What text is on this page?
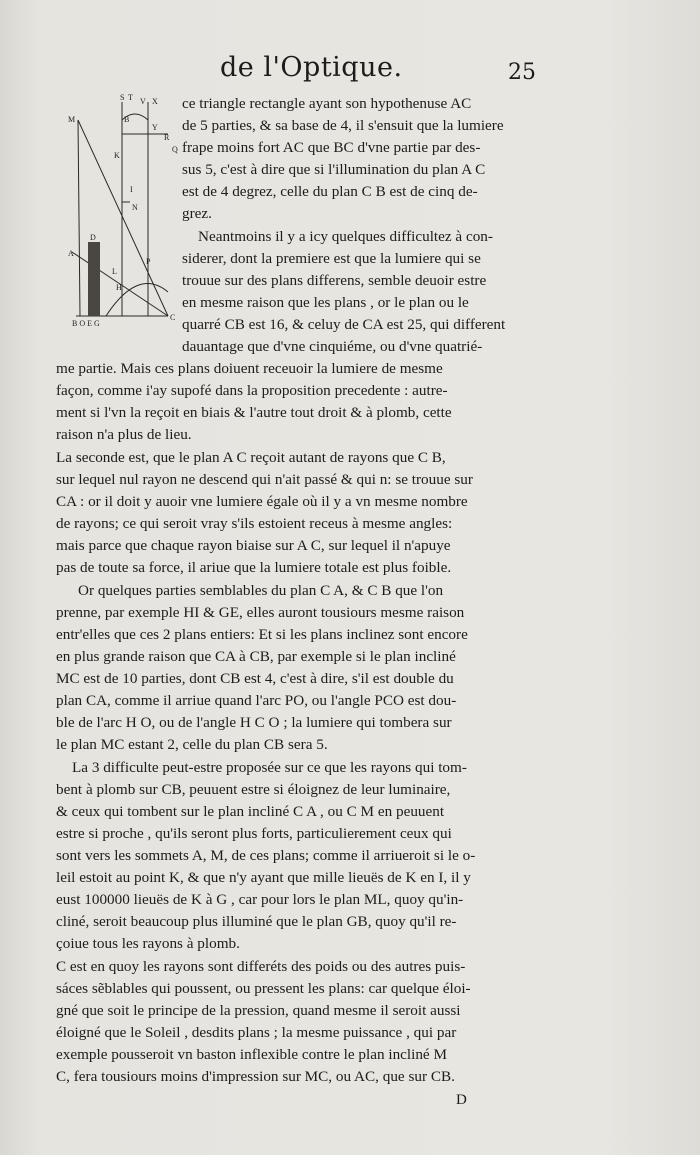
de l'Optique.	25
S T V X
M	B
Y
R
Q
K
I
N
A
D
P
L
H
B O E G
C
ce triangle rectangle ayant son hypothenuse AC
de 5 parties, & sa base de 4, il s'ensuit que la lumiere
frape moins fort AC que BC d'vne partie par des-
sus 5, c'est à dire que si l'illumination du plan A C
est de 4 degrez, celle du plan C B est de cinq de-
grez.
Neantmoins il y a icy quelques difficultez à con-
siderer, dont la premiere est que la lumiere qui se
trouue sur des plans differens, semble deuoir estre
en mesme raison que les plans , or le plan ou le
quarré CB est 16, & celuy de CA est 25, qui different
dauantage que d'vne cinquiéme, ou d'vne quatrié-
me partie. Mais ces plans doiuent receuoir la lumiere de mesme
façon, comme i'ay supofé dans la proposition precedente : autre-
ment si l'vn la reçoit en biais & l'autre tout droit & à plomb, cette
raison n'a plus de lieu.
La seconde est, que le plan A C reçoit autant de rayons que C B,
sur lequel nul rayon ne descend qui n'ait passé & qui n: se trouue sur
CA : or il doit y auoir vne lumiere égale où il y a vn mesme nombre
de rayons; ce qui seroit vray s'ils estoient receus à mesme angles:
mais parce que chaque rayon biaise sur A C, sur lequel il n'apuye
pas de toute sa force, il ariue que la lumiere totale est plus foible.
Or quelques parties semblables du plan C A, & C B que l'on
prenne, par exemple HI & GE, elles auront tousiours mesme raison
entr'elles que ces 2 plans entiers: Et si les plans inclinez sont encore
en plus grande raison que CA à CB, par exemple si le plan incliné
MC est de 10 parties, dont CB est 4, c'est à dire, s'il est double du
plan CA, comme il arriue quand l'arc PO, ou l'angle PCO est dou-
ble de l'arc H O, ou de l'angle H C O ; la lumiere qui tombera sur
le plan MC estant 2, celle du plan CB sera 5.
La 3 difficulte peut-estre proposée sur ce que les rayons qui tom-
bent à plomb sur CB, peuuent estre si éloignez de leur luminaire,
& ceux qui tombent sur le plan incliné C A , ou C M en peuuent
estre si proche , qu'ils seront plus forts, particulierement ceux qui
sont vers les sommets A, M, de ces plans; comme il arriueroit si le o-
leil estoit au point K, & que n'y ayant que mille lieuës de K en I, il y
eust 100000 lieuës de K à G , car pour lors le plan ML, quoy qu'in-
cliné, seroit beaucoup plus illuminé que le plan GB, quoy qu'il re-
çoiue tous les rayons à plomb.
C est en quoy les rayons sont differéts des poids ou des autres puis-
sáces sẽblables qui poussent, ou pressent les plans: car quelque éloi-
gné que soit le principe de la pression, quand mesme il seroit aussi
éloigné que le Soleil , desdits plans ; la mesme puissance , qui par
exemple pousseroit vn baston inflexible contre le plan incliné M
C, fera tousiours moins d'impression sur MC, ou AC, que sur CB.
D
